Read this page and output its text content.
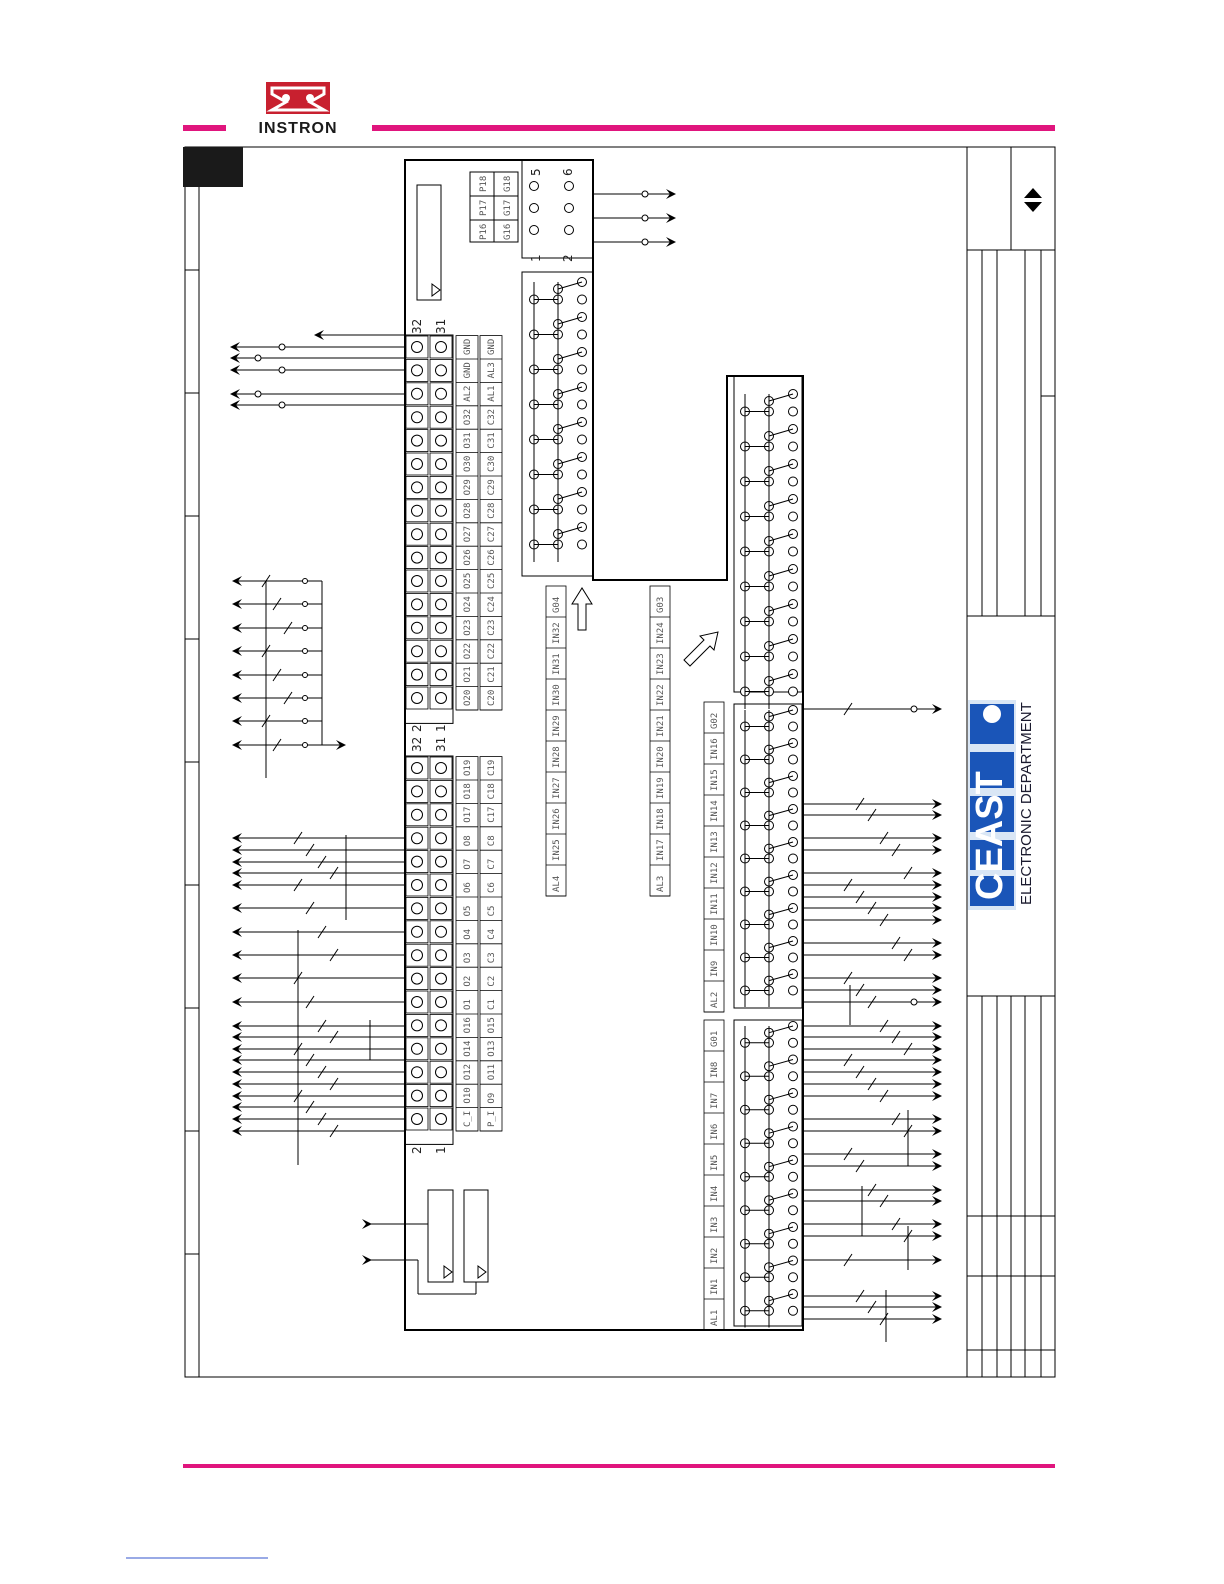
INSTRON
CEAST ELECTRONIC DEPARTMENT
5 6
1 2
P16
P17
P18
G16
G17
G18
32 31
2 1
32 31
2 1
O20
O21
O22
O23
O24
O25
O26
O27
O28
O29
O30
O31
O32
AL2
GND
GND
C20
C21
C22
C23
C24
C25
C26
C27
C28
C29
C30
C31
C32
AL1
AL3
GND
C_I
O10
O12
O14
O16
O1
O2
O3
O4
O5
O6
O7
O8
O17
O18
O19
P_I
O9
O11
O13
O15
C1
C2
C3
C4
C5
C6
C7
C8
C17
C18
C19
AL4
IN25
IN26
IN27
IN28
IN29
IN30
IN31
IN32
G04
AL3
IN17
IN18
IN19
IN20
IN21
IN22
IN23
IN24
G03
AL2
IN9
IN10
IN11
IN12
IN13
IN14
IN15
IN16
G02
AL1
IN1
IN2
IN3
IN4
IN5
IN6
IN7
IN8
G01
